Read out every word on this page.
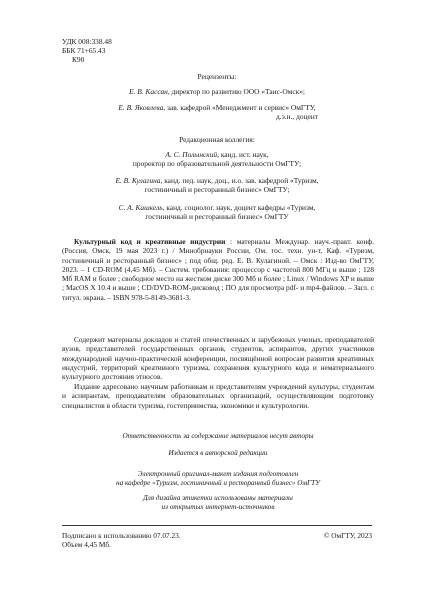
УДК 008:338.48
ББК 71+65.43
К90
Рецензенты:
Е. В. Кассан, директор по развитию ООО «Танс-Омск»;
Е. В. Яковлева, зав. кафедрой «Менеджмент и сервис» ОмГТУ,
д.э.н., доцент
Редакционная коллегия:
А. С. Полынский, канд. ист. наук,
проректор по образовательной деятельности ОмГТУ;
Е. В. Кулагина, канд. пед. наук, доц., и.о. зав. кафедрой «Туризм,
гостиничный и ресторанный бизнес» ОмГТУ;
С. А. Кашкель, канд. социолог. наук, доцент кафедры «Туризм,
гостиничный и ресторанный бизнес» ОмГТУ
Культурный код и креативные индустрии : материалы Междунар. науч.-практ. конф. (Россия, Омск, 19 мая 2023 г.) / Минобрнауки России, Ом. гос. техн. ун-т, Каф. «Туризм, гостиничный и ресторанный бизнес» ; под общ. ред. Е. В. Кулагиной. – Омск : Изд-во ОмГТУ, 2023. – 1 CD-ROM (4,45 Мб). – Систем. требования: процессор с частотой 800 МГц и выше ; 128 Мб RAM и более ; свободное место на жестком диске 300 Мб и более ; Linux / Windows XP и выше ; MacOS X 10.4 и выше ; CD/DVD-ROM-дисковод ; ПО для просмотра pdf- и mp4-файлов. – Загл. с титул. экрана. – ISBN 978-5-8149-3681-3.
Содержит материалы докладов и статей отечественных и зарубежных ученых, преподавателей вузов, представителей государственных органов, студентов, аспирантов, других участников международной научно-практической конференции, посвящённой вопросам развития креативных индустрий, территорий креативного туризма, сохранения культурного кода и нематериального культурного достояния этносов.
Издание адресовано научным работникам и представителям учреждений культуры, студентам и аспирантам, преподавателям образовательных организаций, осуществляющим подготовку специалистов в области туризма, гостеприимства, экономики и культурологии.
Ответственность за содержание материалов несут авторы
Издается в авторской редакции
Электронный оригинал-макет издания подготовлен
на кафедре «Туризм, гостиничный и ресторанный бизнес» ОмГТУ
Для дизайна этикетки использованы материалы
из открытых интернет-источников
Подписано к использованию 07.07.23.
Объем 4,45 Мб.
© ОмГТУ, 2023
